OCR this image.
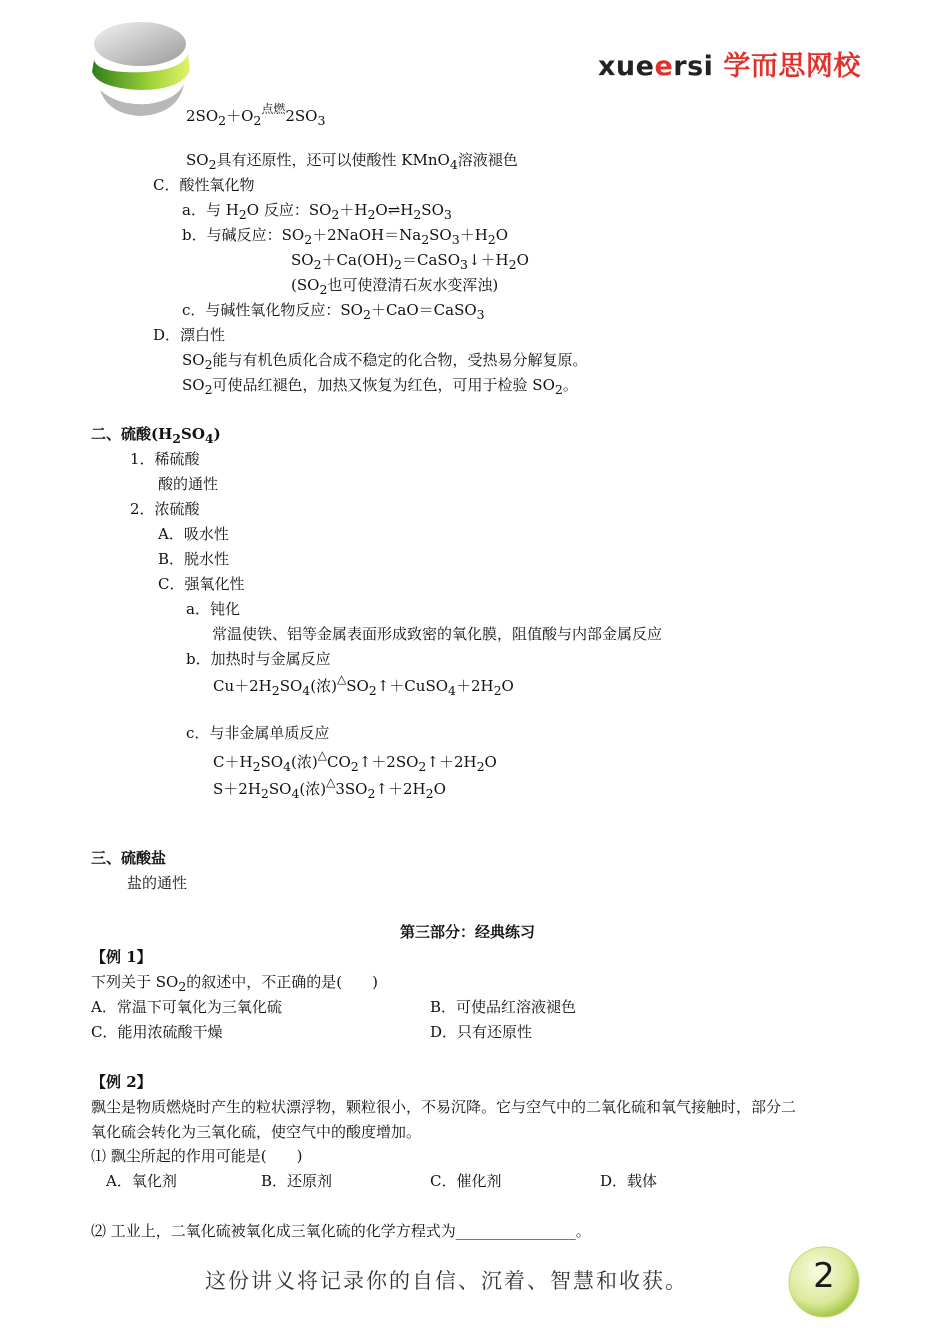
xueersi 学而思网校
$2SO_2+O_2^{点燃}2SO_3$
$SO_2$具有还原性，还可以使酸性 KMnO$_4$溶液褪色
C．酸性氧化物
a．与 $H_2O$ 反应：$SO_2+H_2O\rightleftharpoons H_2SO_3$
b．与碱反应：$SO_2+2NaOH=Na_2SO_3+H_2O$
$SO_2+Ca(OH)_2=CaSO_3↓+H_2O$
($SO_2$也可使澄清石灰水变浑浊)
c．与碱性氧化物反应：$SO_2+CaO=CaSO_3$
D．漂白性
$SO_2$能与有机色质化合成不稳定的化合物，受热易分解复原。
$SO_2$可使品红褪色，加热又恢复为红色，可用于检验 $SO_2$。
二、硫酸$(H_2SO_4)$
1．稀硫酸
酸的通性
2．浓硫酸
A．吸水性
B．脱水性
C．强氧化性
a．钝化
常温使铁、铝等金属表面形成致密的氧化膜，阻值酸与内部金属反应
b．加热时与金属反应
$Cu+2H_2SO_4$(浓)$^\triangle SO_2↑+CuSO_4+2H_2O$
c．与非金属单质反应
$C+H_2SO_4$(浓)$^\triangle CO_2↑+2SO_2↑+2H_2O$
$S+2H_2SO_4$(浓)$^\triangle 3SO_2↑+2H_2O$
三、硫酸盐
盐的通性
第三部分：经典练习
【例 1】
下列关于 $SO_2$的叙述中，不正确的是(　　)
A．常温下可氧化为三氧化硫	B．可使品红溶液褪色
C．能用浓硫酸干燥	D．只有还原性
【例 2】
飘尘是物质燃烧时产生的粒状漂浮物，颗粒很小，不易沉降。它与空气中的二氧化硫和氧气接触时，部分二
氧化硫会转化为三氧化硫，使空气中的酸度增加。
⑴ 飘尘所起的作用可能是(　　)
A．氧化剂	B．还原剂	C．催化剂	D．载体
⑵ 工业上，二氧化硫被氧化成三氧化硫的化学方程式为________________。
这份讲义将记录你的自信、沉着、智慧和收获。	2
